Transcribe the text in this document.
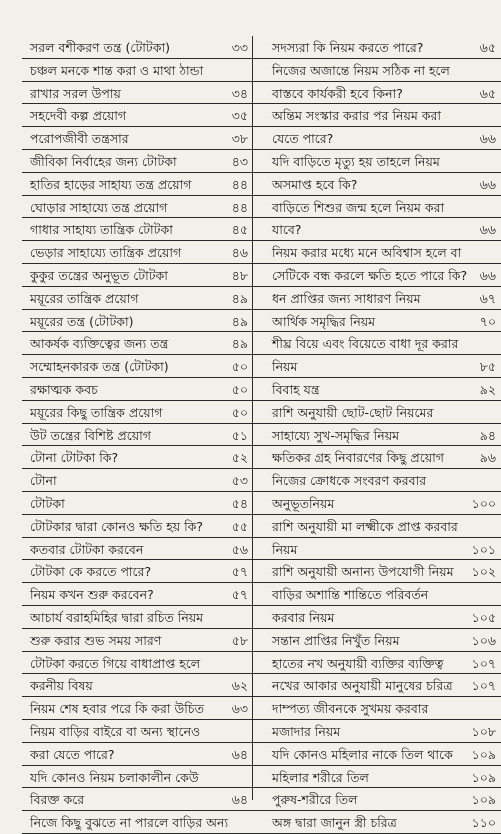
সরল বশীকরণ তন্ত্র (টোটকা)	৩৩
চঞ্চল মনকে শান্ত করা ও মাথা ঠান্ডা
রাখার সরল উপায়	৩৪
সহদেবী কল্প প্রয়োগ	৩৫
পরোপজীবী তন্ত্রসার	৩৮
জীবিকা নির্বাহের জন্য টোটকা	৪৩
হাতির হাড়ের সাহায্য তন্ত্র প্রয়োগ	৪৪
ঘোড়ার সাহায্যে তন্ত্র প্রয়োগ	৪৪
গাধার সাহায্য তান্ত্রিক টোটকা	৪৫
ভেড়ার সাহায্যে তান্ত্রিক প্রয়োগ	৪৬
কুকুর তন্ত্রের অনুভূত টোটকা	৪৮
ময়ূরের তান্ত্রিক প্রয়োগ	৪৯
ময়ূরের তন্ত্র (টোটকা)	৪৯
আকর্ষক ব্যক্তিত্বের জন্য তন্ত্র	৪৯
সম্মোহনকারক তন্ত্র (টোটকা)	৫০
রক্ষাত্মক কবচ	৫০
ময়ূরের কিছু তান্ত্রিক প্রয়োগ	৫০
উট তন্ত্রের বিশিষ্ট প্রয়োগ	৫১
টোনা টোটকা কি?	৫২
টোনা	৫৩
টোটকা	৫৪
টোটকার দ্বারা কোনও ক্ষতি হয় কি?	৫৫
কতবার টোটকা করবেন	৫৬
টোটকা কে করতে পারে?	৫৭
নিয়ম কখন শুরু করবেন?	৫৭
আচার্য বরাহমিহির দ্বারা রচিত নিয়ম
শুরু করার শুভ সময় সারণ	৫৮
টোটকা করতে গিয়ে বাধাপ্রাপ্ত হলে
করনীয় বিষয়	৬২
নিয়ম শেষ হবার পরে কি করা উচিত	৬৩
নিয়ম বাড়ির বাইরে বা অন্য স্থানেও
করা যেতে পারে?	৬৪
যদি কোনও নিয়ম চলাকালীন কেউ
বিরক্ত করে	৬৪
নিজে কিছু বুঝতে না পারলে বাড়ির অন্য
সদস্যরা কি নিয়ম করতে পারে?	৬৫
নিজের অজান্তে নিয়ম সঠিক না হলে
বাস্তবে কার্যকরী হবে কিনা?	৬৫
অন্তিম সংস্কার করার পর নিয়ম করা
যেতে পারে?	৬৬
যদি বাড়িতে মৃত্যু হয় তাহলে নিয়ম
অসমাপ্ত হবে কি?	৬৬
বাড়িতে শিশুর জন্ম হলে নিয়ম করা
যাবে?	৬৬
নিয়ম করার মধ্যে মনে অবিশ্বাস হলে বা
সেটিকে বন্ধ করলে ক্ষতি হতে পারে কি?	৬৬
ধন প্রাপ্তির জন্য সাধারণ নিয়ম	৬৭
আর্থিক সমৃদ্ধির নিয়ম	৭০
শীঘ্র বিয়ে এবং বিয়েতে বাধা দূর করার
নিয়ম	৮৫
বিবাহ যন্ত্র	৯২
রাশি অনুযায়ী ছোট-ছোট নিয়মের
সাহায্যে সুখ-সমৃদ্ধির নিয়ম	৯৪
ক্ষতিকর গ্রহ নিবারণের কিছু প্রয়োগ	৯৬
নিজের ক্রোধকে সংবরণ করবার
অনুভূতনিয়ম	১০০
রাশি অনুযায়ী মা লক্ষ্মীকে প্রাপ্ত করবার
নিয়ম	১০১
রাশি অনুযায়ী অনান্য উপযোগী নিয়ম	১০২
বাড়ির অশান্তি শান্তিতে পরিবর্তন
করবার নিয়ম	১০৫
সন্তান প্রাপ্তির নিখুঁত নিয়ম	১০৬
হাতের নখ অনুযায়ী ব্যক্তির ব্যক্তিত্ব	১০৭
নখের আকার অনুযায়ী মানুষের চরিত্র	১০৭
দাম্পত্য জীবনকে সুখময় করবার
মজাদার নিয়ম	১০৮
যদি কোনও মহিলার নাকে তিল থাকে	১০৯
মহিলার শরীরে তিল	১০৯
পুরুষ-শরীরে তিল	১০৯
অঙ্গ দ্বারা জানুন স্ত্রী চরিত্র	১১০
